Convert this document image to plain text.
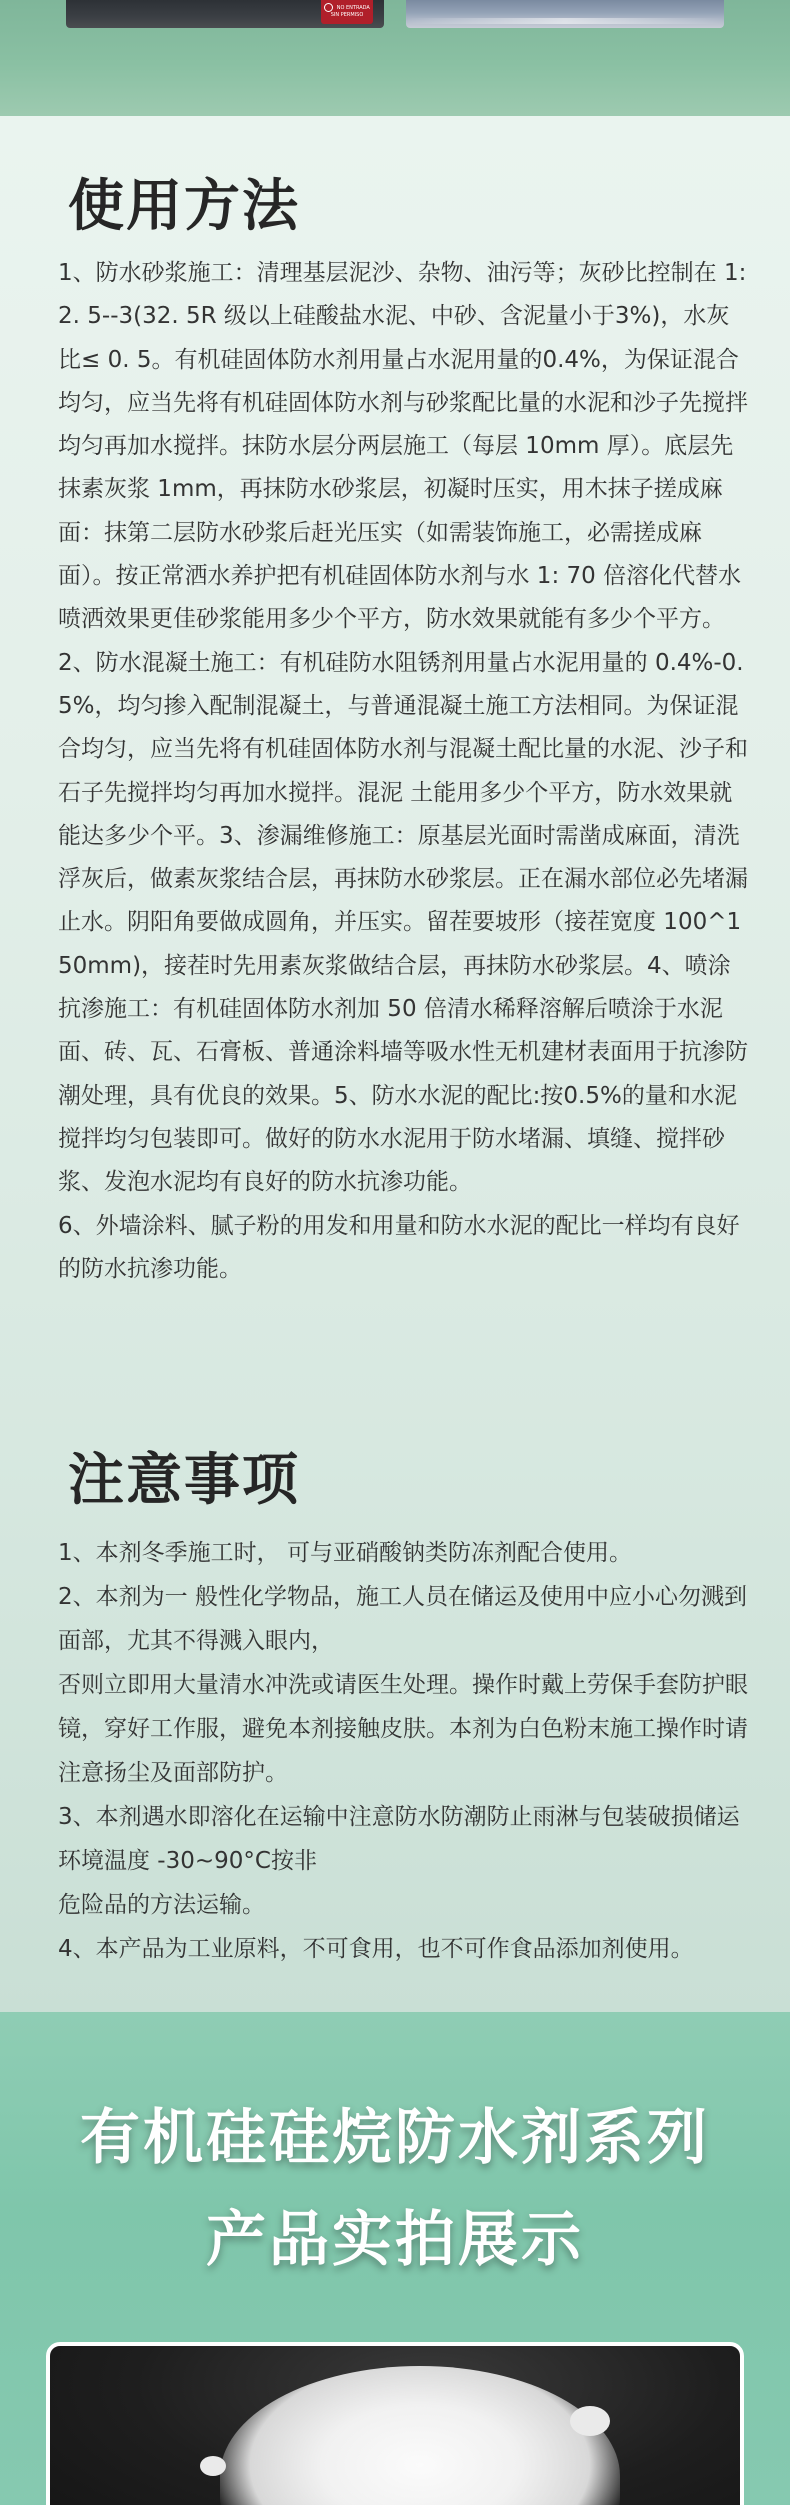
NO ENTRADA SIN PERMISO
使用方法

1、防水砂浆施工：清理基层泥沙、杂物、油污等；灰砂比控制在 1:2. 5--3(32. 5R 级以上硅酸盐水泥、中砂、含泥量小于3%)，水灰比≤ 0. 5。有机硅固体防水剂用量占水泥用量的0.4%，为保证混合均匀，应当先将有机硅固体防水剂与砂浆配比量的水泥和沙子先搅拌均匀再加水搅拌。抹防水层分两层施工（每层 10mm 厚）。底层先抹素灰浆 1mm，再抹防水砂浆层，初凝时压实，用木抹子搓成麻面：抹第二层防水砂浆后赶光压实（如需装饰施工，必需搓成麻面）。按正常洒水养护把有机硅固体防水剂与水 1: 70 倍溶化代替水喷洒效果更佳砂浆能用多少个平方，防水效果就能有多少个平方。2、防水混凝土施工：有机硅防水阻锈剂用量占水泥用量的 0.4%-0.5%，均匀掺入配制混凝土，与普通混凝土施工方法相同。为保证混合均匀，应当先将有机硅固体防水剂与混凝土配比量的水泥、沙子和石子先搅拌均匀再加水搅拌。混泥 土能用多少个平方，防水效果就能达多少个平。3、渗漏维修施工：原基层光面时需凿成麻面，清洗浮灰后，做素灰浆结合层，再抹防水砂浆层。正在漏水部位必先堵漏止水。阴阳角要做成圆角，并压实。留茬要坡形（接茬宽度 100^150mm)，接茬时先用素灰浆做结合层，再抹防水砂浆层。4、喷涂抗渗施工：有机硅固体防水剂加 50 倍清水稀释溶解后喷涂于水泥面、砖、瓦、石膏板、普通涂料墙等吸水性无机建材表面用于抗渗防潮处理，具有优良的效果。5、防水水泥的配比:按0.5%的量和水泥搅拌均匀包装即可。做好的防水水泥用于防水堵漏、填缝、搅拌砂浆、发泡水泥均有良好的防水抗渗功能。

6、外墙涂料、腻子粉的用发和用量和防水水泥的配比一样均有良好的防水抗渗功能。

注意事项

1、本剂冬季施工时， 可与亚硝酸钠类防冻剂配合使用。

2、本剂为一 般性化学物品，施工人员在储运及使用中应小心勿溅到面部，尤其不得溅入眼内，

否则立即用大量清水冲洗或请医生处理。操作时戴上劳保手套防护眼镜，穿好工作服，避免本剂接触皮肤。本剂为白色粉末施工操作时请注意扬尘及面部防护。

3、本剂遇水即溶化在运输中注意防水防潮防止雨淋与包装破损储运环境温度 -30~90°C按非

危险品的方法运输。

4、本产品为工业原料，不可食用，也不可作食品添加剂使用。

有机硅硅烷防水剂系列
产品实拍展示
